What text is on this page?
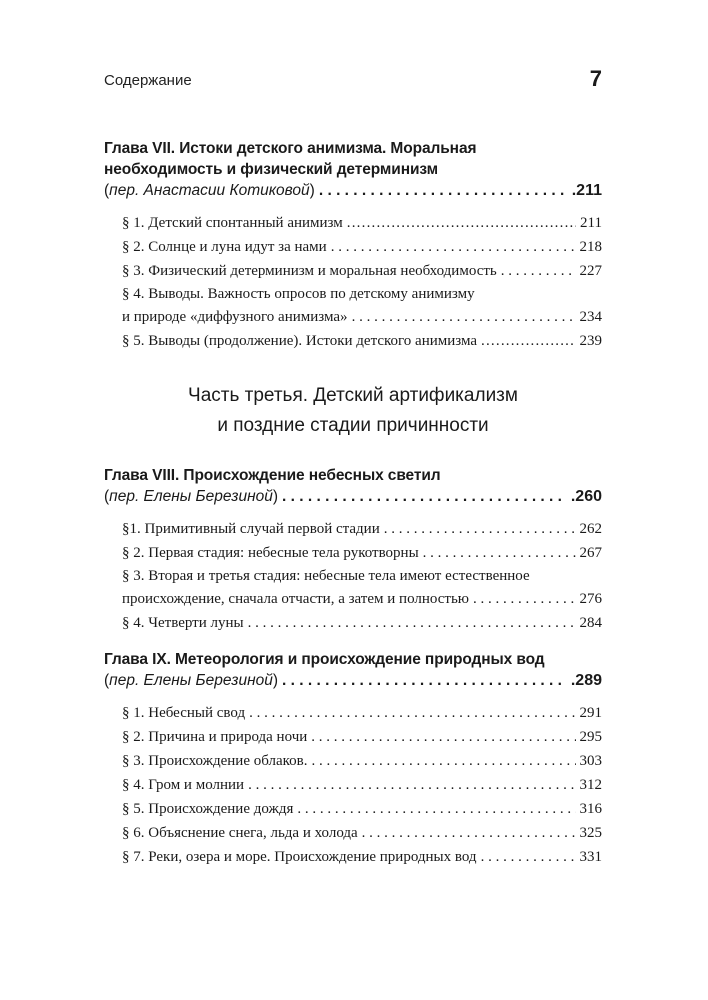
Содержание	7
Глава VII. Истоки детского анимизма. Моральная
необходимость и физический детерминизм
( пер. Анастасии Котиковой ) . . .	.211
§ 1. Детский спонтанный анимизм .....	211
§ 2. Солнце и луна идут за нами . . .	218
§ 3. Физический детерминизм и моральная необходимость . . .	227
§ 4. Выводы. Важность опросов по детскому анимизму
и природе «диффузного анимизма» . . .	234
§ 5. Выводы (продолжение). Истоки детского анимизма .....	239
Часть третья. Детский артификализм
и поздние стадии причинности
Глава VIII. Происхождение небесных светил
( пер. Елены Березиной ) . . .	.260
§1. Примитивный случай первой стадии . . .	262
§ 2. Первая стадия: небесные тела рукотворны . . .	267
§ 3. Вторая и третья стадия: небесные тела имеют естественное
происхождение, сначала отчасти, а затем и полностью . . .	276
§ 4. Четверти луны . . .	284
Глава IX. Метеорология и происхождение природных вод
( пер. Елены Березиной ) . . .	.289
§ 1. Небесный свод . . .	291
§ 2. Причина и природа ночи . . .	295
§ 3. Происхождение облаков. . . .	303
§ 4. Гром и молнии . . .	312
§ 5. Происхождение дождя . . .	316
§ 6. Объяснение снега, льда и холода . . .	325
§ 7. Реки, озера и море. Происхождение природных вод . . .	331
